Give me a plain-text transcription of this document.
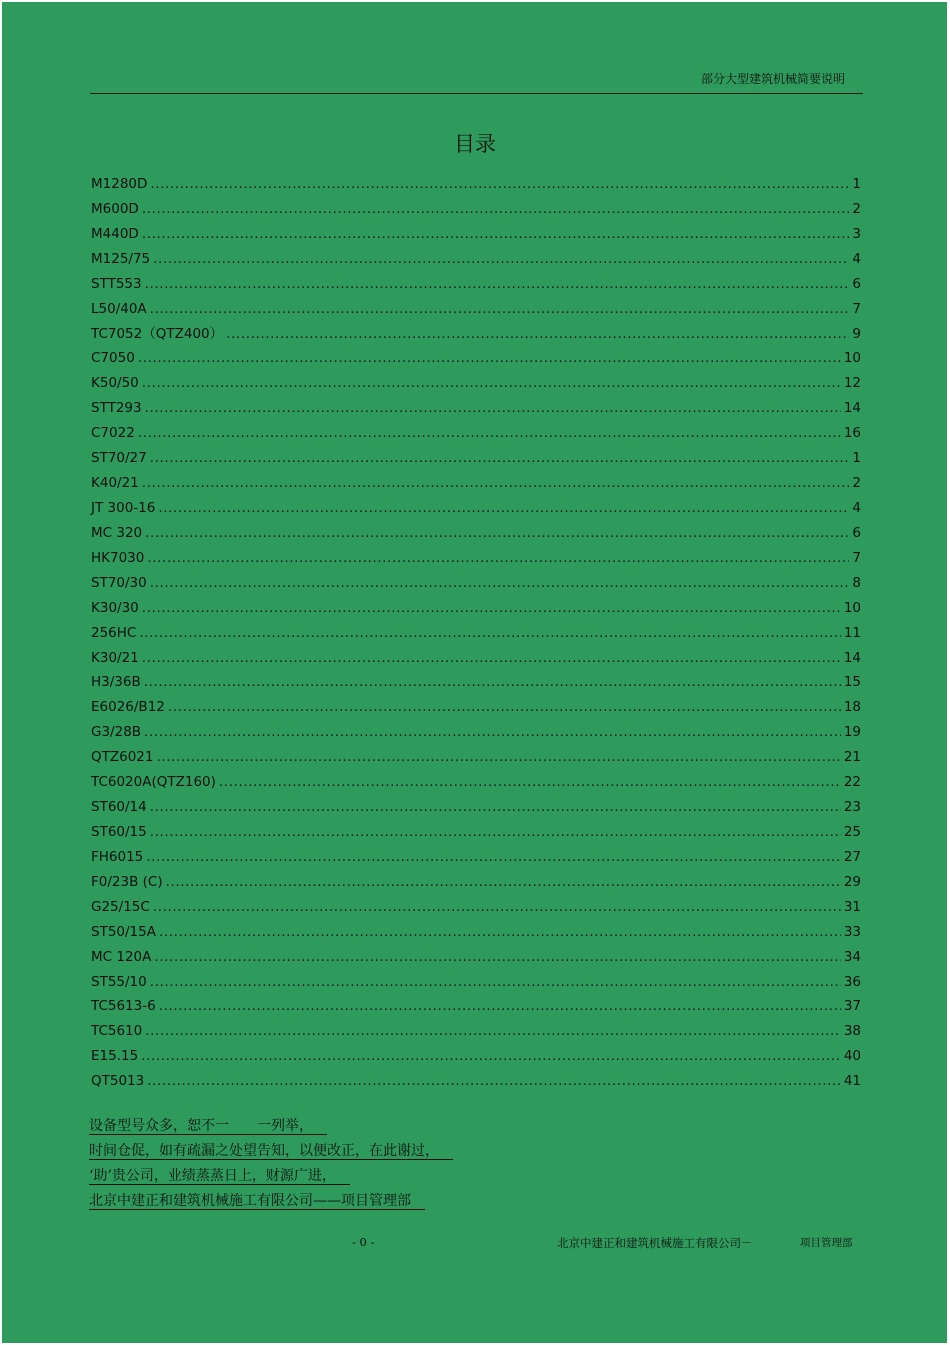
部分大型建筑机械简要说明
目录
M1280D .....	1
M600D .....	2
M440D .....	3
M125/75 .....	4
STT553 .....	6
L50/40A .....	7
TC7052（QTZ400） .....	9
C7050 .....	10
K50/50 .....	12
STT293 .....	14
C7022 .....	16
ST70/27 .....	1
K40/21 .....	2
JT 300-16 .....	4
MC 320 .....	6
HK7030 .....	7
ST70/30 .....	8
K30/30 .....	10
256HC .....	11
K30/21 .....	14
H3/36B .....	15
E6026/B12 .....	18
G3/28B .....	19
QTZ6021 .....	21
TC6020A(QTZ160) .....	22
ST60/14 .....	23
ST60/15 .....	25
FH6015 .....	27
F0/23B (C) .....	29
G25/15C .....	31
ST50/15A .....	33
MC 120A .....	34
ST55/10 .....	36
TC5613-6 .....	37
TC5610 .....	38
E15.15 .....	40
QT5013 .....	41
设备型号众多，恕不一　　一列举，
时间仓促，如有疏漏之处望告知，以便改正，在此谢过，
‘助’贵公司，业绩蒸蒸日上，财源广进，
北京中建正和建筑机械施工有限公司——项目管理部
- 0 -	北京中建正和建筑机械施工有限公司－	项目管理部
